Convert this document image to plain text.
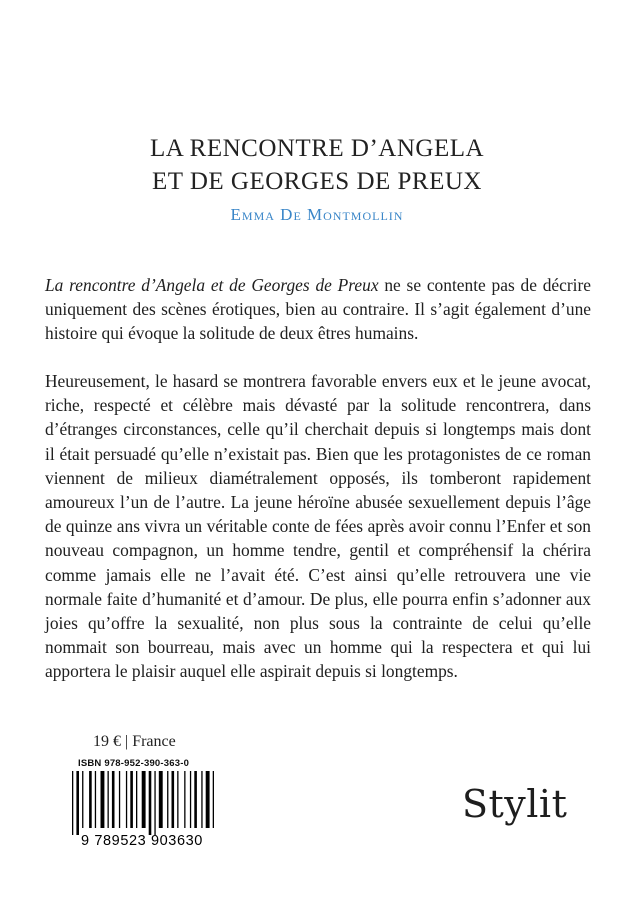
LA RENCONTRE D’ANGELA
ET DE GEORGES DE PREUX
Emma De Montmollin

La rencontre d’Angela et de Georges de Preux ne se contente pas de décrire uniquement des scènes érotiques, bien au contraire. Il s’agit également d’une histoire qui évoque la solitude de deux êtres humains.

Heureusement, le hasard se montrera favorable envers eux et le jeune avocat, riche, respecté et célèbre mais dévasté par la solitude rencontrera, dans d’étranges circonstances, celle qu’il cherchait depuis si longtemps mais dont il était persuadé qu’elle n’existait pas. Bien que les protagonistes de ce roman viennent de milieux diamétralement opposés, ils tomberont rapidement amoureux l’un de l’autre. La jeune héroïne abusée sexuellement depuis l’âge de quinze ans vivra un véritable conte de fées après avoir connu l’Enfer et son nouveau compagnon, un homme tendre, gentil et compréhensif la chérira comme jamais elle ne l’avait été. C’est ainsi qu’elle retrouvera une vie normale faite d’humanité et d’amour. De plus, elle pourra enfin s’adonner aux joies qu’offre la sexualité, non plus sous la contrainte de celui qu’elle nommait son bourreau, mais avec un homme qui la respectera et qui lui apportera le plaisir auquel elle aspirait depuis si longtemps.

19 € | France
ISBN 978-952-390-363-0
9 789523 903630
Stylit
